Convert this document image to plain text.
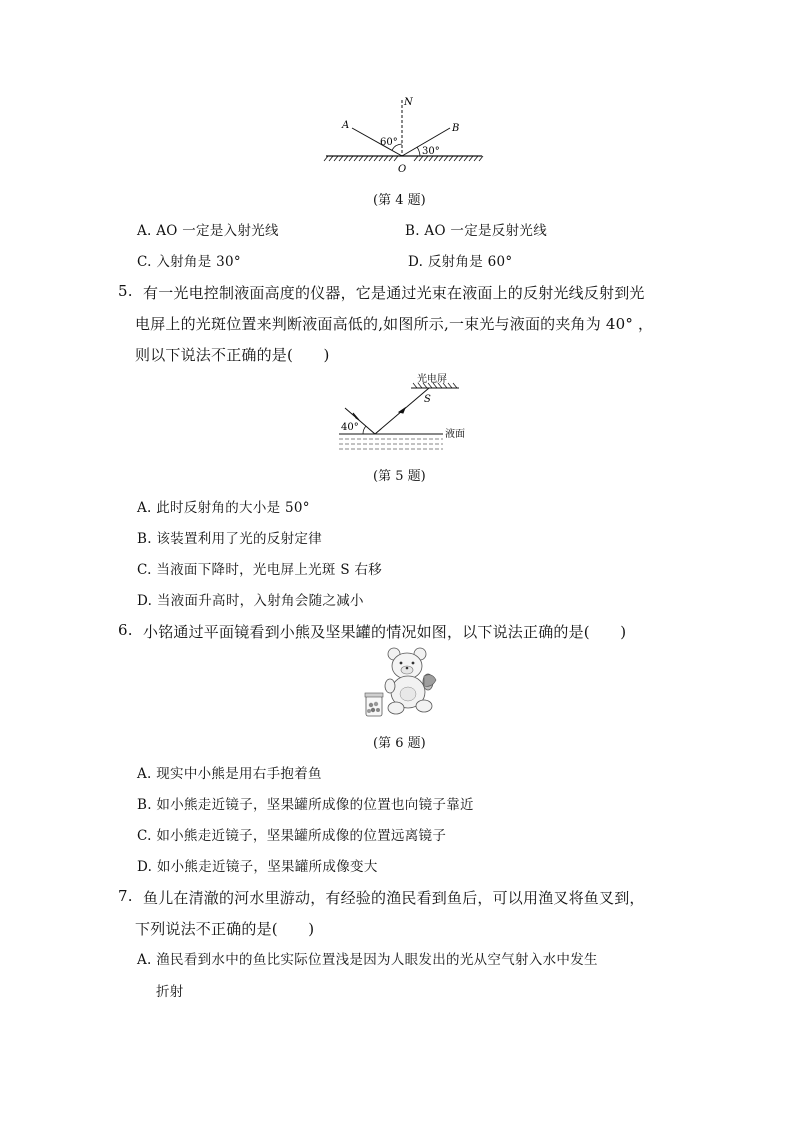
N
A	B
O
60°
30°
(第 4 题)
A. AO 一定是入射光线	B. AO 一定是反射光线
C. 入射角是 30°	D. 反射角是 60°
5. 有一光电控制液面高度的仪器，它是通过光束在液面上的反射光线反射到光
电屏上的光斑位置来判断液面高低的,如图所示,一束光与液面的夹角为 40° ，
则以下说法不正确的是(　　)
光电屏
S
40°
液面
(第 5 题)
A. 此时反射角的大小是 50°
B. 该装置利用了光的反射定律
C. 当液面下降时，光电屏上光斑 S 右移
D. 当液面升高时，入射角会随之减小
6. 小铭通过平面镜看到小熊及坚果罐的情况如图，以下说法正确的是(　　)
(第 6 题)
A. 现实中小熊是用右手抱着鱼
B. 如小熊走近镜子，坚果罐所成像的位置也向镜子靠近
C. 如小熊走近镜子，坚果罐所成像的位置远离镜子
D. 如小熊走近镜子，坚果罐所成像变大
7. 鱼儿在清澈的河水里游动，有经验的渔民看到鱼后，可以用渔叉将鱼叉到，
下列说法不正确的是(　　)
A. 渔民看到水中的鱼比实际位置浅是因为人眼发出的光从空气射入水中发生
折射
